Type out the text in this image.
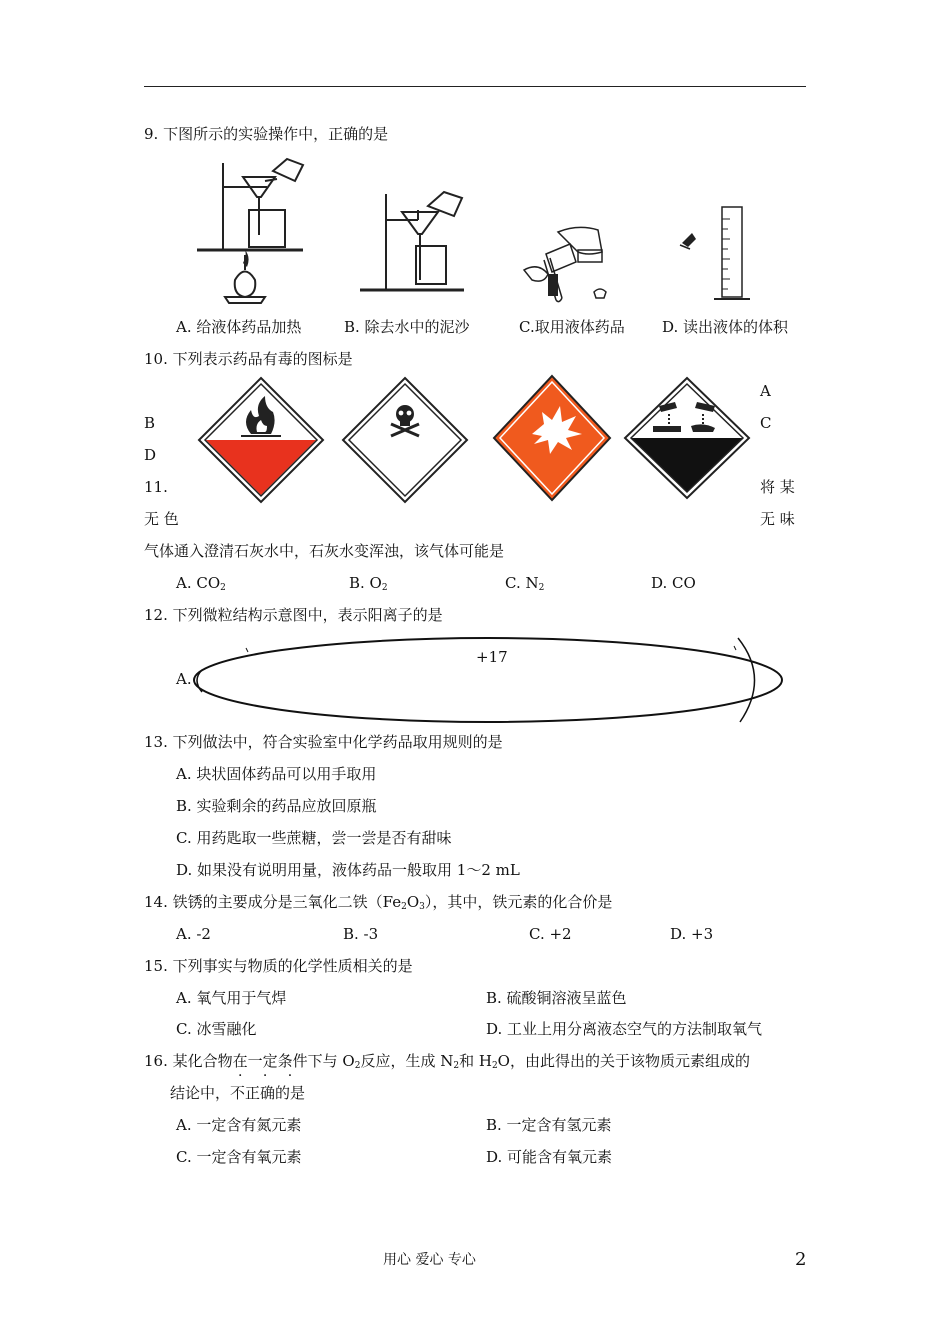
9. 下图所示的实验操作中，正确的是
A. 给液体药品加热	B. 除去水中的泥沙	C.取用液体药品 D. 读出液体的体积
10. 下列表示药品有毒的图标是
A
B	C
D
11.	将 某
无 色	无 味
气体通入澄清石灰水中，石灰水变浑浊，该气体可能是
A. $CO_2$	B. $O_2$	C. $N_2$	D. CO
12. 下列微粒结构示意图中，表示阳离子的是
A.
+17
13. 下列做法中，符合实验室中化学药品取用规则的是
A. 块状固体药品可以用手取用
B. 实验剩余的药品应放回原瓶
C. 用药匙取一些蔗糖，尝一尝是否有甜味
D. 如果没有说明用量，液体药品一般取用 1～2 mL
14. 铁锈的主要成分是三氧化二铁$(Fe_2O_3)$，其中，铁元素的化合价是
A. -2	B. -3	C. +2	D. +3
15. 下列事实与物质的化学性质相关的是
A. 氧气用于气焊	B. 硫酸铜溶液呈蓝色
C. 冰雪融化	D. 工业上用分离液态空气的方法制取氧气
16. 某化合物在一定条件下与 $O_2$反应，生成 $N_2$和 $H_2O$，由此得出的关于该物质元素组成的
· · ·
结论中，不正确的是
A. 一定含有氮元素	B. 一定含有氢元素
C. 一定含有氧元素	D. 可能含有氧元素
用心 爱心 专心	2
